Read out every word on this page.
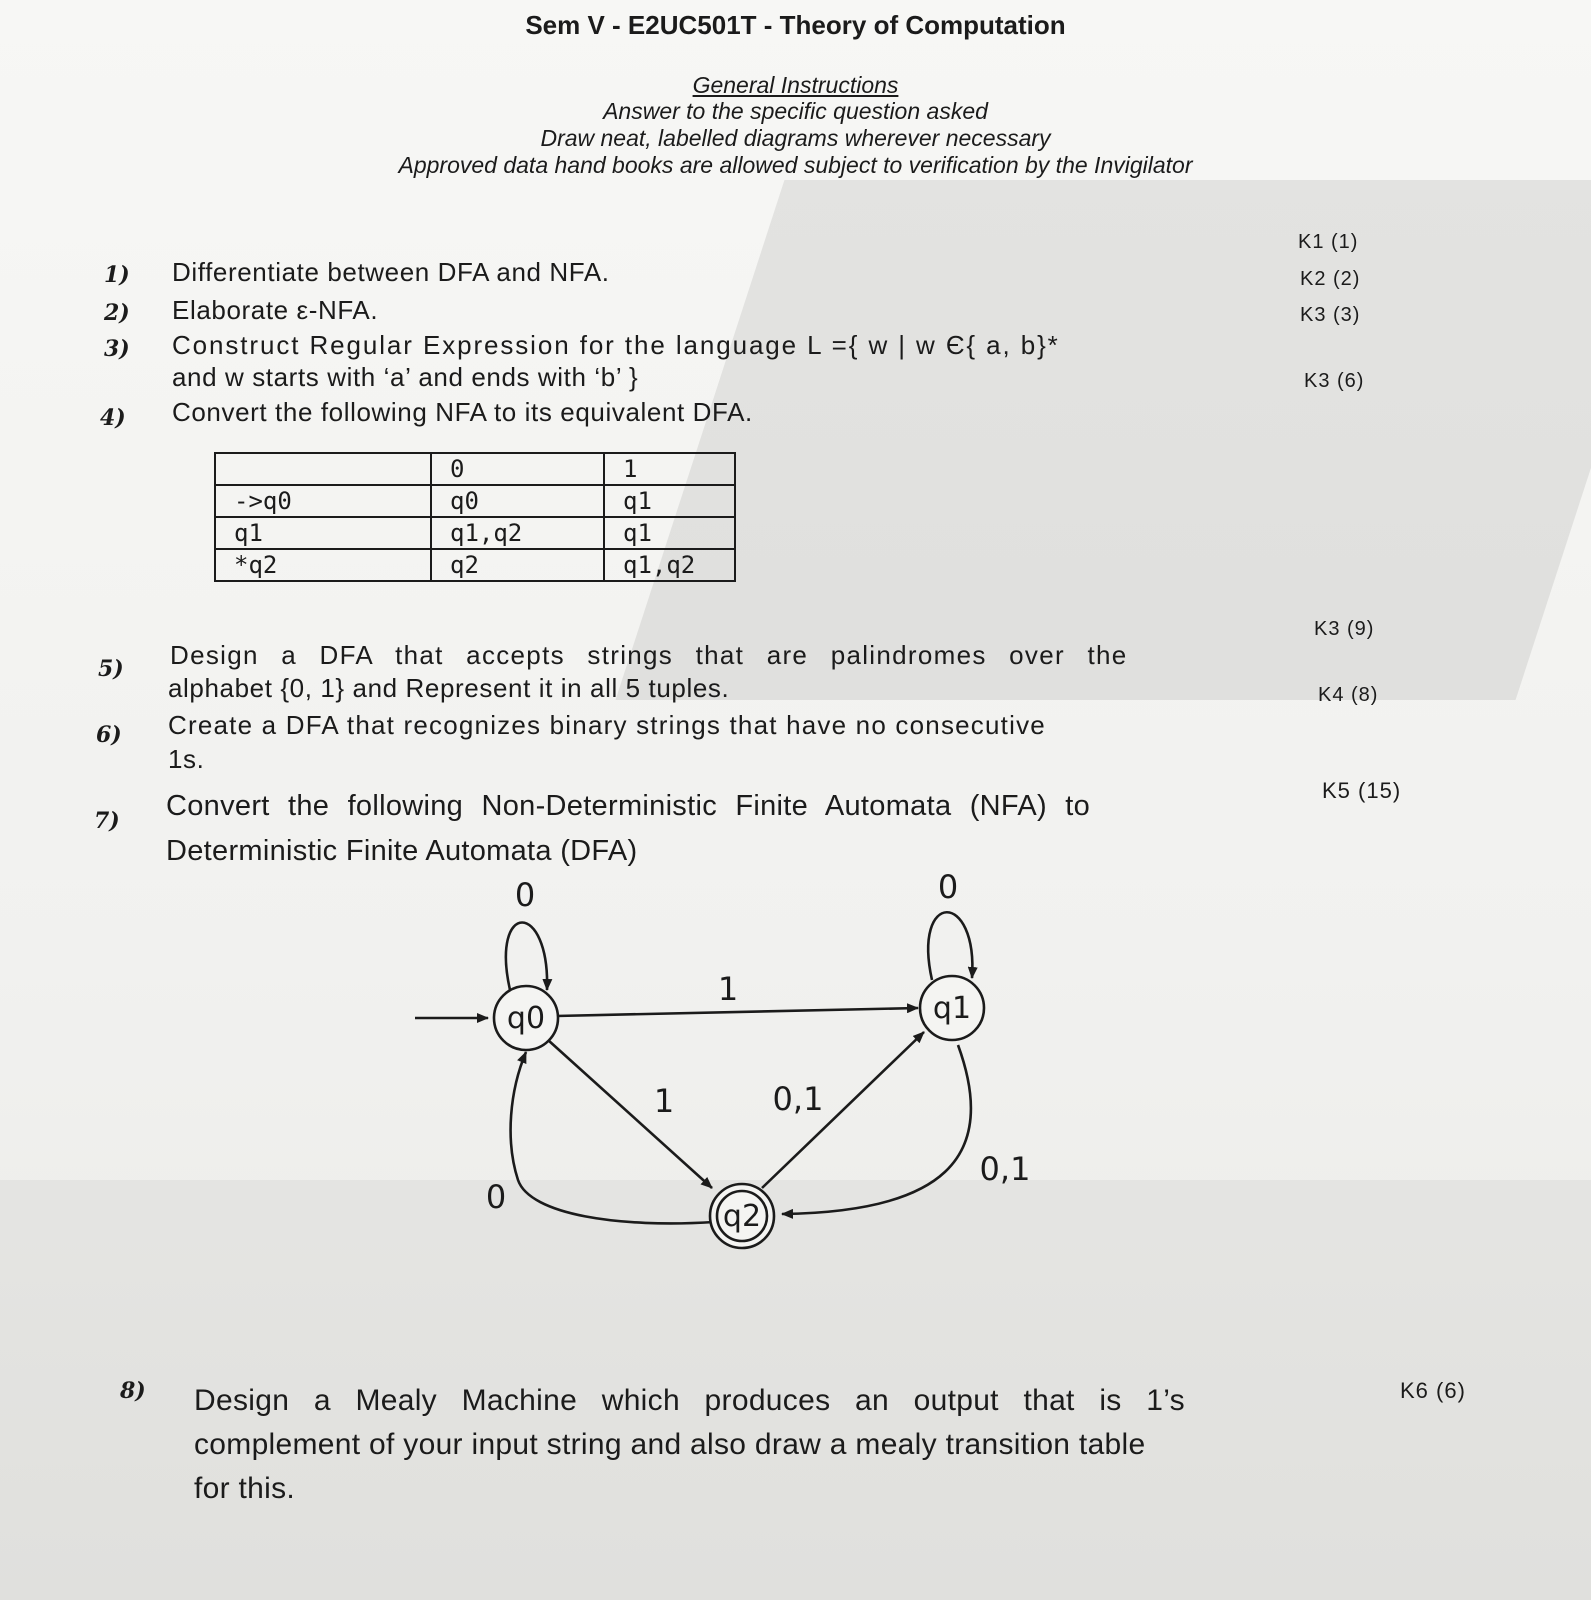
Sem V - E2UC501T - Theory of Computation
General Instructions
Answer to the specific question asked
Draw neat, labelled diagrams wherever necessary
Approved data hand books are allowed subject to verification by the Invigilator
1) Differentiate between DFA and NFA.
K1 (1)
2) Elaborate ε-NFA.
K2 (2)
3) Construct Regular Expression for the language L ={ w | w Є{ a, b}*
and w starts with ‘a’ and ends with ‘b’ }
K3 (3)
4) Convert the following NFA to its equivalent DFA.
K3 (6)
	0	1
->q0	q0	q1
q1	q1,q2	q1
*q2	q2	q1,q2
5) Design a DFA that accepts strings that are palindromes over the
alphabet {0, 1} and Represent it in all 5 tuples.
K3 (9)
6) Create a DFA that recognizes binary strings that have no consecutive
1s.
K4 (8)
7) Convert the following Non-Deterministic Finite Automata (NFA) to
Deterministic Finite Automata (DFA)
K5 (15)
q0	q1
q2
0	0
1
1	0,1
0,1
0
8) Design a Mealy Machine which produces an output that is 1’s
complement of your input string and also draw a mealy transition table
for this.
K6 (6)
